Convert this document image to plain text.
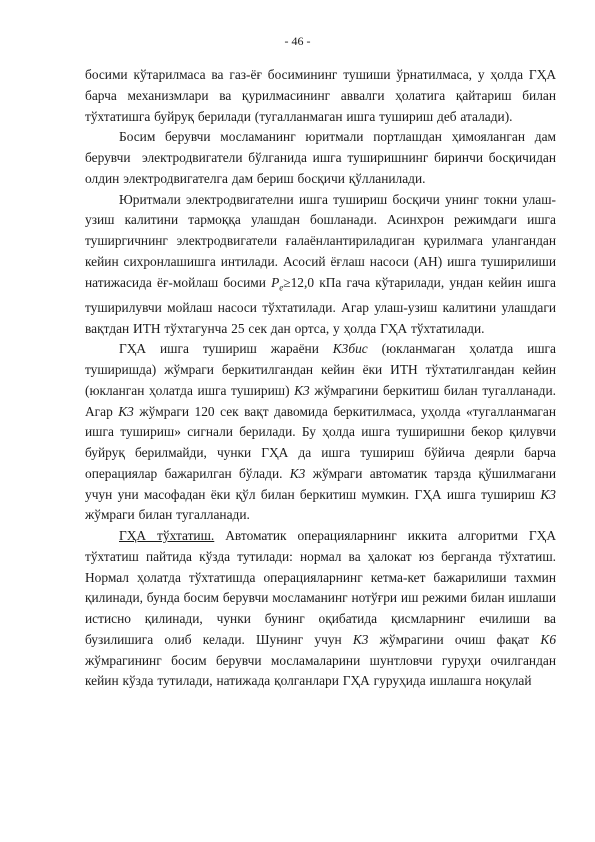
- 46 -

босими кўтарилмаса ва газ-ёғ босимининг тушиши ўрнатилмаса, у ҳолда ГҲА барча механизмлари ва қурилмасининг аввалги ҳолатига қайтариш билан тўхтатишга буйруқ берилади (тугалланмаган ишга тушириш деб аталади).

Босим берувчи мосламанинг юритмали портлашдан ҳимояланган дам берувчи  электродвигатели бўлганида ишга туширишнинг биринчи босқичидан олдин электродвигателга дам бериш босқичи қўлланилади.

Юритмали электродвигателни ишга тушириш босқичи унинг токни улаш-узиш калитини тармоққа улашдан бошланади. Асинхрон режимдаги ишга туширгичнинг электродвигатели ғалаёнлантириладиган қурилмага улангандан кейин сихронлашишга интилади. Асосий ёғлаш насоси (АН) ишга туширилиши натижасида ёғ-мойлаш босими $P_е\ge 12,0$ кПа гача кўтарилади, ундан кейин ишга туширилувчи мойлаш насоси тўхтатилади. Агар улаш-узиш калитини улашдаги вақтдан ИТН тўхтагунча 25 сек дан ортса, у ҳолда ГҲА тўхтатилади.

ГҲА ишга тушириш жараёни К3бис (юкланмаган ҳолатда ишга туширишда) жўмраги беркитилгандан кейин ёки ИТН тўхтатилгандан кейин (юкланган ҳолатда ишга тушириш) К3 жўмрагини беркитиш билан тугалланади. Агар К3 жўмраги 120 сек вақт давомида беркитилмаса, уҳолда «тугалланмаган ишга тушириш» сигнали берилади. Бу ҳолда ишга туширишни бекор қилувчи буйруқ берилмайди, чунки ГҲА да ишга тушириш бўйича деярли барча операциялар бажарилган бўлади. К3 жўмраги автоматик тарзда қўшилмагани учун уни масофадан ёки қўл билан беркитиш мумкин. ГҲА ишга тушириш К3 жўмраги билан тугалланади.

ГҲА тўхтатиш. Автоматик операцияларнинг иккита алгоритми ГҲА тўхтатиш пайтида кўзда тутилади: нормал ва ҳалокат юз берганда тўхтатиш. Нормал ҳолатда тўхтатишда операцияларнинг кетма-кет бажарилиши тахмин қилинади, бунда босим берувчи мосламанинг нотўғри иш режими билан ишлаши истисно қилинади, чунки бунинг оқибатида қисмларнинг ечилиши ва бузилишига олиб келади. Шунинг учун К3 жўмрагини очиш фақат К6 жўмрагининг босим берувчи мосламаларини шунтловчи гуруҳи очилгандан кейин кўзда тутилади, натижада қолганлари ГҲА гуруҳида ишлашга ноқулай
